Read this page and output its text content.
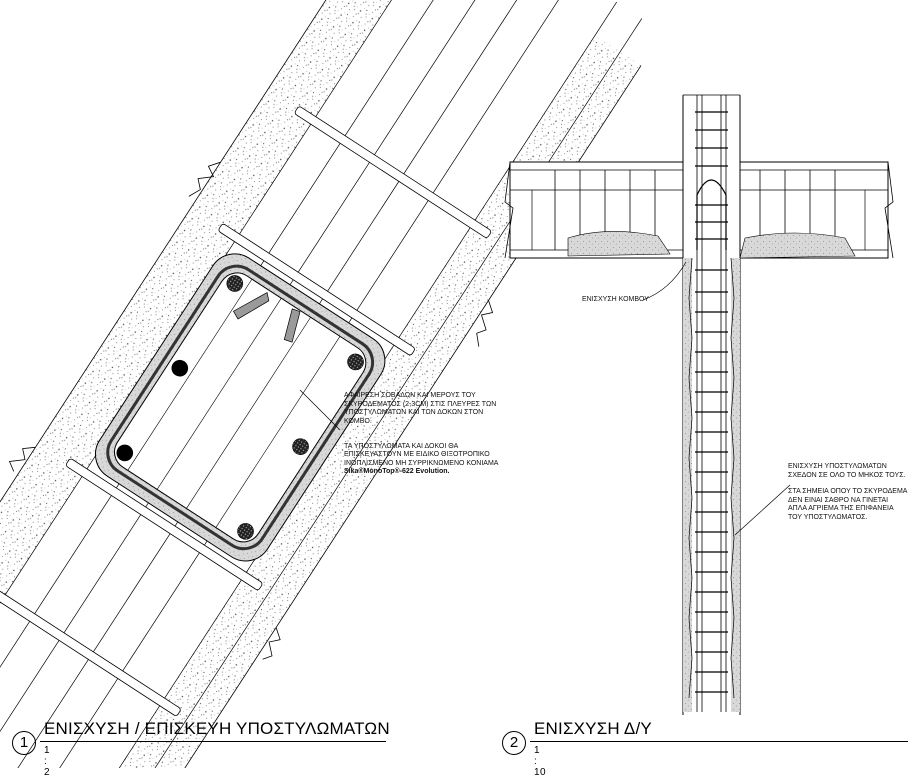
ΑΦΑΙΡΕΣΗ ΣΟΒΑΔΩΝ ΚΑΙ ΜΕΡΟΥΣ ΤΟΥ
ΣΚΥΡΟΔΕΜΑΤΟΣ (2-3CM) ΣΤΙΣ ΠΛΕΥΡΕΣ ΤΩΝ
ΥΠΟΣΤΥΛΩΜΑΤΩΝ ΚΑΙ ΤΩΝ ΔΟΚΩΝ ΣΤΟΝ
ΚΟΜΒΟ.

ΤΑ ΥΠΟΣΤΥΛΩΜΑΤΑ ΚΑΙ ΔΟΚΟΙ ΘΑ
ΕΠΙΣΚΕΥΑΣΤΟΥΝ ΜΕ ΕΙΔΙΚΟ ΘΙΞΟΤΡΟΠΙΚΟ
ΙΝΟΠΛΙΣΜΕΝΟ ΜΗ ΣΥΡΡΙΚΝΩΜΕΝΟ ΚΟΝΙΑΜΑ

Sika®MonoTop®-622 Evolution.

ΕΝΙΣΧΥΣΗ ΚΟΜΒΟΥ
ΕΝΙΣΧΥΣΗ ΥΠΟΣΤΥΛΩΜΑΤΩΝ
ΣΧΕΔΟΝ ΣΕ ΟΛΟ ΤΟ ΜΗΚΟΣ ΤΟΥΣ.
ΣΤΑ ΣΗΜΕΙΑ ΟΠΟΥ ΤΟ ΣΚΥΡΟΔΕΜΑ
ΔΕΝ ΕΙΝΑΙ ΣΑΘΡΟ ΝΑ ΓΙΝΕΤΑΙ
ΑΠΛΑ ΑΓΡΙΕΜΑ ΤΗΣ ΕΠΙΦΑΝΕΙΑ
ΤΟΥ ΥΠΟΣΤΥΛΩΜΑΤΟΣ.
1
ΕΝΙΣΧΥΣΗ / ΕΠΙΣΚΕΥΗ ΥΠΟΣΤΥΛΩΜΑΤΩΝ
1 : 2
2
ΕΝΙΣΧΥΣΗ Δ/Υ
1 : 10
